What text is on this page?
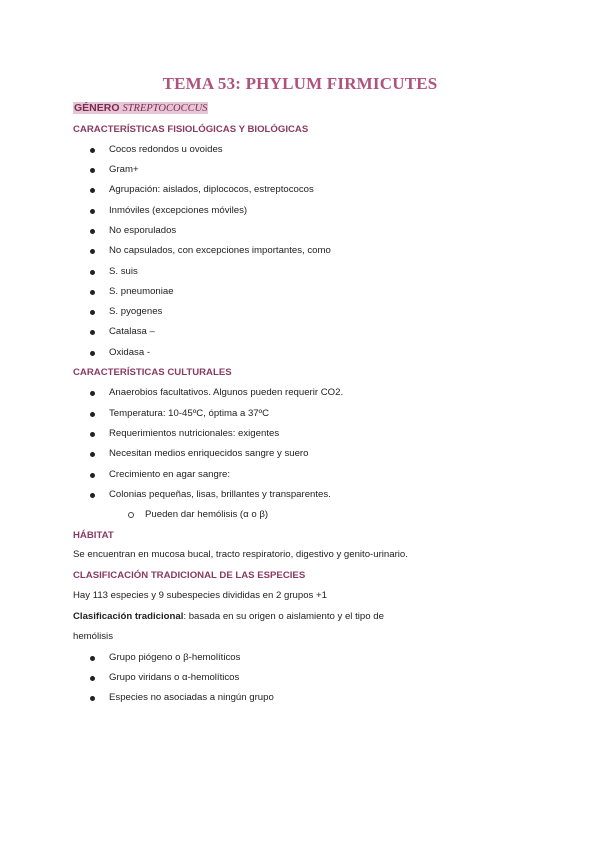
TEMA 53: PHYLUM FIRMICUTES
GÉNERO STREPTOCOCCUS
CARACTERÍSTICAS FISIOLÓGICAS Y BIOLÓGICAS
Cocos redondos u ovoides
Gram+
Agrupación: aislados, diplococos, estreptococos
Inmóviles (excepciones móviles)
No esporulados
No capsulados, con excepciones importantes, como
S. suis
S. pneumoniae
S. pyogenes
Catalasa –
Oxidasa -
CARACTERÍSTICAS CULTURALES
Anaerobios facultativos. Algunos pueden requerir CO2.
Temperatura: 10-45ºC, óptima a 37ºC
Requerimientos nutricionales: exigentes
Necesitan medios enriquecidos sangre y suero
Crecimiento en agar sangre:
Colonias pequeñas, lisas, brillantes y transparentes.
Pueden dar hemólisis (α o β)
HÁBITAT
Se encuentran en mucosa bucal, tracto respiratorio, digestivo y genito-urinario.
CLASIFICACIÓN TRADICIONAL DE LAS ESPECIES
Hay 113 especies y 9 subespecies divididas en 2 grupos +1
Clasificación tradicional: basada en su origen o aislamiento y el tipo de
hemólisis
Grupo piógeno o β-hemolíticos
Grupo viridans o α-hemolíticos
Especies no asociadas a ningún grupo
